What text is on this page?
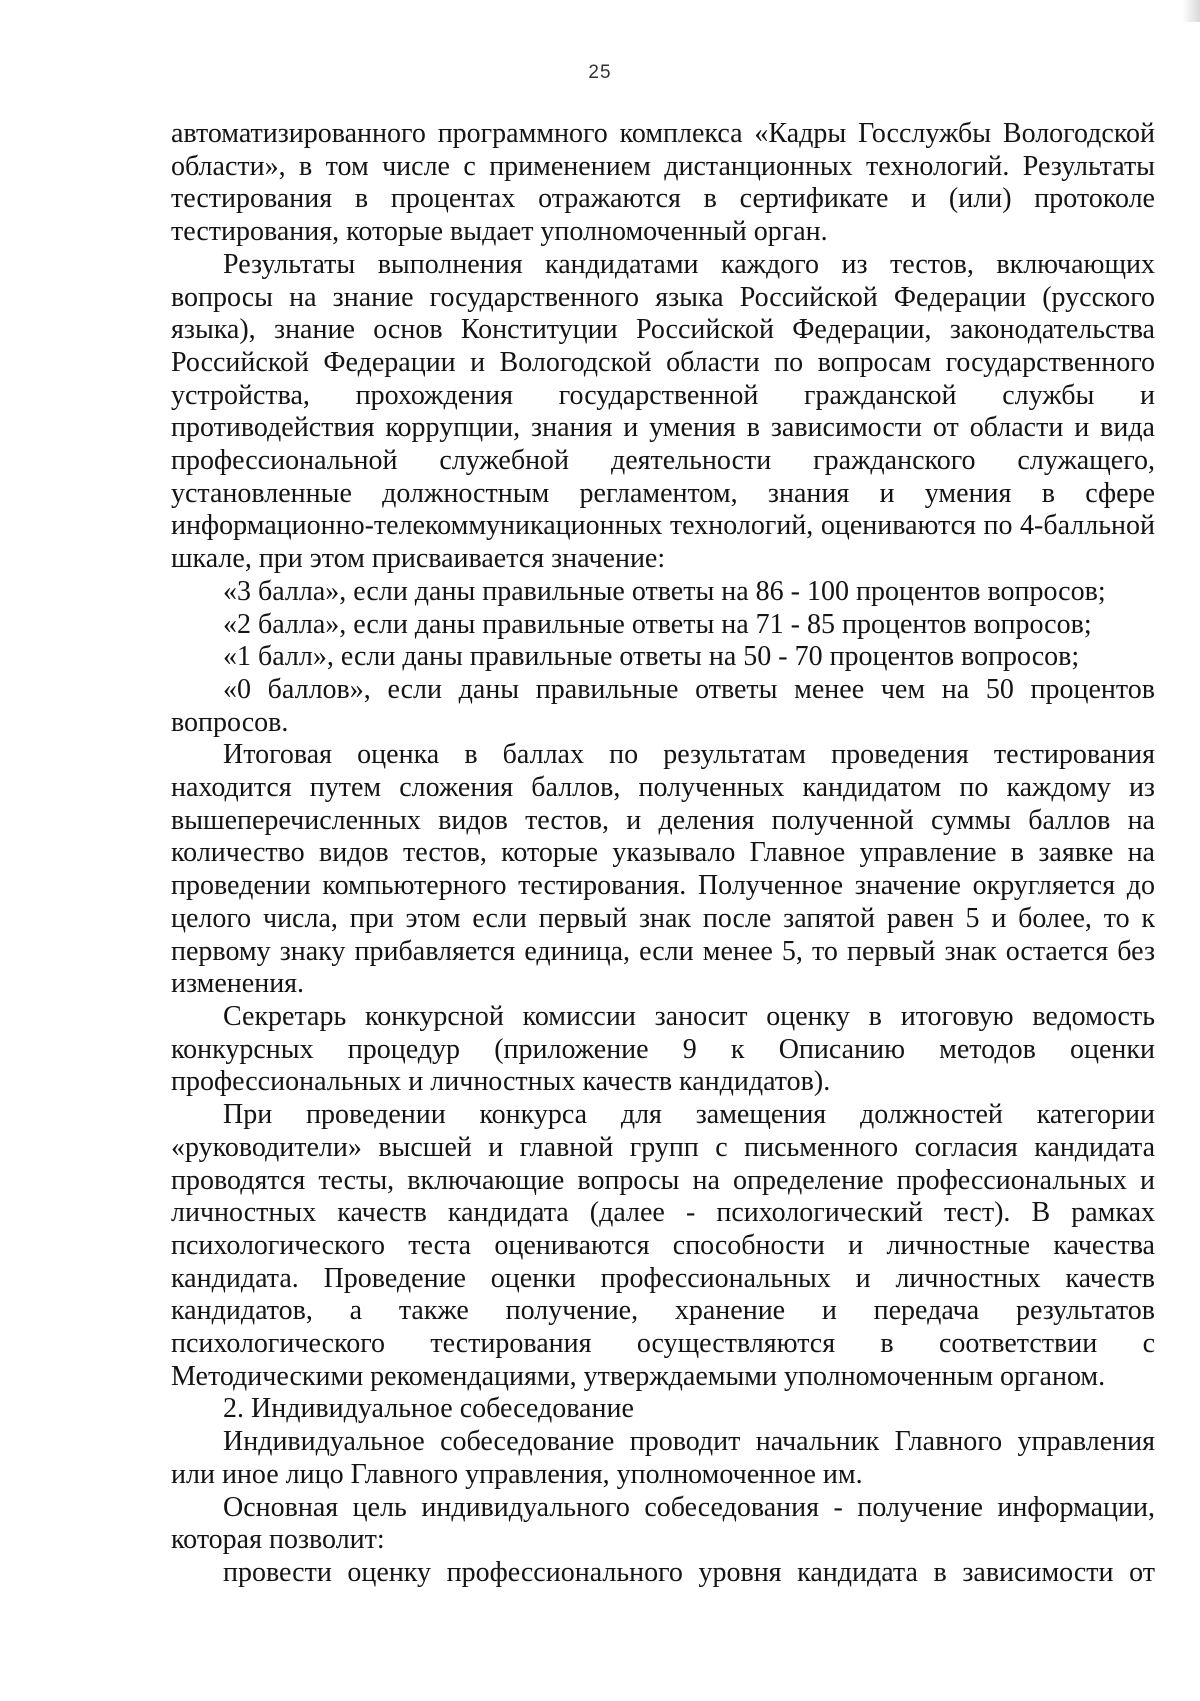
25

автоматизированного программного комплекса «Кадры Госслужбы Вологодской области», в том числе с применением дистанционных технологий. Результаты тестирования в процентах отражаются в сертификате и (или) протоколе тестирования, которые выдает уполномоченный орган.

Результаты выполнения кандидатами каждого из тестов, включающих вопросы на знание государственного языка Российской Федерации (русского языка), знание основ Конституции Российской Федерации, законодательства Российской Федерации и Вологодской области по вопросам государственного устройства, прохождения государственной гражданской службы и противодействия коррупции, знания и умения в зависимости от области и вида профессиональной служебной деятельности гражданского служащего, установленные должностным регламентом, знания и умения в сфере информационно-телекоммуникационных технологий, оцениваются по 4-балльной шкале, при этом присваивается значение:

«3 балла», если даны правильные ответы на 86 - 100 процентов вопросов;

«2 балла», если даны правильные ответы на 71 - 85 процентов вопросов;

«1 балл», если даны правильные ответы на 50 - 70 процентов вопросов;

«0 баллов», если даны правильные ответы менее чем на 50 процентов вопросов.

Итоговая оценка в баллах по результатам проведения тестирования находится путем сложения баллов, полученных кандидатом по каждому из вышеперечисленных видов тестов, и деления полученной суммы баллов на количество видов тестов, которые указывало Главное управление в заявке на проведении компьютерного тестирования. Полученное значение округляется до целого числа, при этом если первый знак после запятой равен 5 и более, то к первому знаку прибавляется единица, если менее 5, то первый знак остается без изменения.

Секретарь конкурсной комиссии заносит оценку в итоговую ведомость конкурсных процедур (приложение 9 к Описанию методов оценки профессиональных и личностных качеств кандидатов).

При проведении конкурса для замещения должностей категории «руководители» высшей и главной групп с письменного согласия кандидата проводятся тесты, включающие вопросы на определение профессиональных и личностных качеств кандидата (далее - психологический тест). В рамках психологического теста оцениваются способности и личностные качества кандидата. Проведение оценки профессиональных и личностных качеств кандидатов, а также получение, хранение и передача результатов психологического тестирования осуществляются в соответствии с Методическими рекомендациями, утверждаемыми уполномоченным органом.

2. Индивидуальное собеседование

Индивидуальное собеседование проводит начальник Главного управления или иное лицо Главного управления, уполномоченное им.

Основная цель индивидуального собеседования - получение информации, которая позволит:

провести оценку профессионального уровня кандидата в зависимости от
